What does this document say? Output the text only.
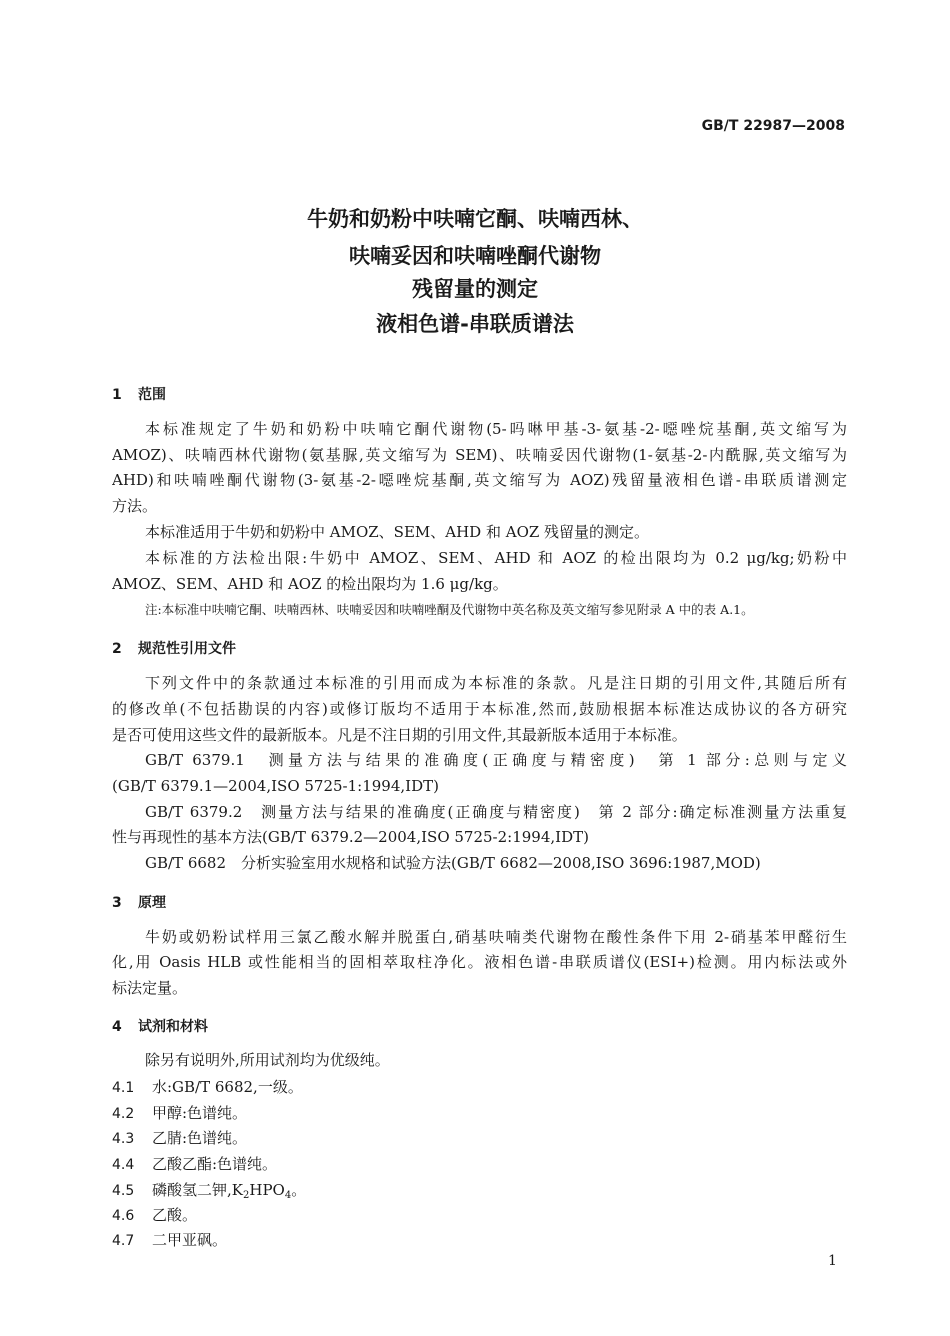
GB/T 22987—2008
牛奶和奶粉中呋喃它酮、呋喃西林、
呋喃妥因和呋喃唑酮代谢物
残留量的测定
液相色谱-串联质谱法
1 范围
本标准规定了牛奶和奶粉中呋喃它酮代谢物(5-吗啉甲基-3-氨基-2-噁唑烷基酮,英文缩写为
AMOZ)、呋喃西林代谢物(氨基脲,英文缩写为 SEM)、呋喃妥因代谢物(1-氨基-2-内酰脲,英文缩写为
AHD)和呋喃唑酮代谢物(3-氨基-2-噁唑烷基酮,英文缩写为 AOZ)残留量液相色谱-串联质谱测定
方法。
本标准适用于牛奶和奶粉中 AMOZ、SEM、AHD 和 AOZ 残留量的测定。
本标准的方法检出限:牛奶中 AMOZ、SEM、AHD 和 AOZ 的检出限均为 0.2 μg/kg;奶粉中
AMOZ、SEM、AHD 和 AOZ 的检出限均为 1.6 μg/kg。
注:本标准中呋喃它酮、呋喃西林、呋喃妥因和呋喃唑酮及代谢物中英名称及英文缩写参见附录 A 中的表 A.1。
2 规范性引用文件
下列文件中的条款通过本标准的引用而成为本标准的条款。凡是注日期的引用文件,其随后所有
的修改单(不包括勘误的内容)或修订版均不适用于本标准,然而,鼓励根据本标准达成协议的各方研究
是否可使用这些文件的最新版本。凡是不注日期的引用文件,其最新版本适用于本标准。
GB/T 6379.1　测量方法与结果的准确度(正确度与精密度)　第 1 部分:总则与定义
(GB/T 6379.1—2004,ISO 5725-1:1994,IDT)
GB/T 6379.2　测量方法与结果的准确度(正确度与精密度)　第 2 部分:确定标准测量方法重复
性与再现性的基本方法(GB/T 6379.2—2004,ISO 5725-2:1994,IDT)
GB/T 6682　分析实验室用水规格和试验方法(GB/T 6682—2008,ISO 3696:1987,MOD)
3 原理
牛奶或奶粉试样用三氯乙酸水解并脱蛋白,硝基呋喃类代谢物在酸性条件下用 2-硝基苯甲醛衍生
化,用 Oasis HLB 或性能相当的固相萃取柱净化。液相色谱-串联质谱仪(ESI+)检测。用内标法或外
标法定量。
4 试剂和材料
除另有说明外,所用试剂均为优级纯。
4.1 水:GB/T 6682,一级。
4.2 甲醇:色谱纯。
4.3 乙腈:色谱纯。
4.4 乙酸乙酯:色谱纯。
4.5 磷酸氢二钾$,K_2HPO_4$。
4.6 乙酸。
4.7 二甲亚砜。
1
